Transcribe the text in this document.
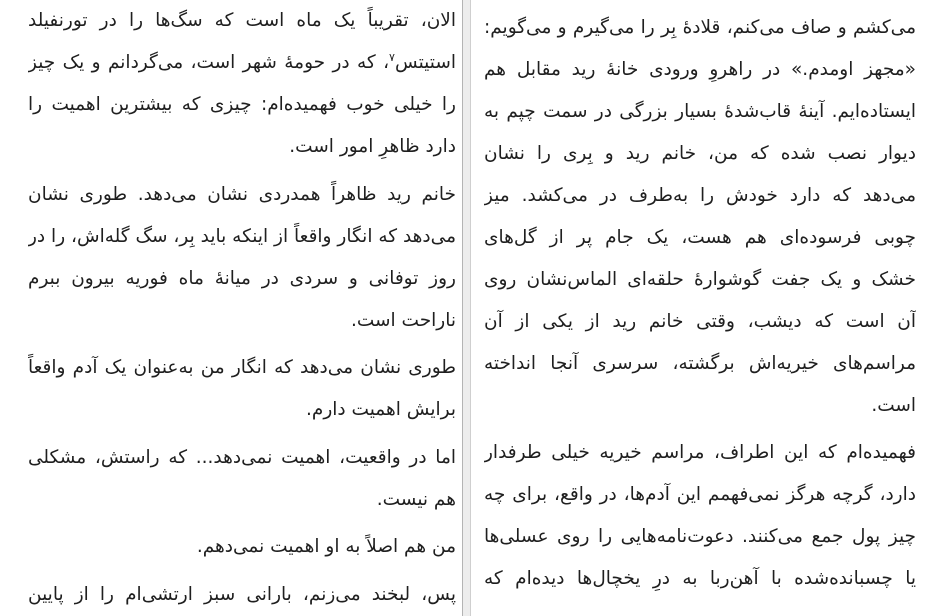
می‌کشم و صاف می‌کنم، قلادهٔ بِر را می‌گیرم و می‌گویم:
«مجهز اومدم.» در راهروِ ورودی خانهٔ رید مقابل هم
ایستاده‌ایم. آینهٔ قاب‌شدهٔ بسیار بزرگی در سمت چپم به
دیوار نصب شده که من، خانم رید و بِری را نشان
می‌دهد که دارد خودش را به‌طرف در می‌کشد. میز
چوبی فرسوده‌ای هم هست، یک جام پر از گل‌های
خشک و یک جفت گوشوارهٔ حلقه‌ای الماس‌نشان روی
آن است که دیشب، وقتی خانم رید از یکی از آن
مراسم‌های خیریه‌اش برگشته، سرسری آنجا انداخته
است.
فهمیده‌ام که این اطراف، مراسم خیریه خیلی طرفدار
دارد، گرچه هرگز نمی‌فهمم این آدم‌ها، در واقع، برای چه
چیز پول جمع می‌کنند. دعوت‌نامه‌هایی را روی عسلی‌ها
یا چسبانده‌شده با آهن‌ربا به درِ یخچال‌ها دیده‌ام که
الان، تقریباً یک ماه است که سگ‌ها را در تورنفیلد
استیتس$^۷$، که در حومهٔ شهر است، می‌گردانم و یک چیز
را خیلی خوب فهمیده‌ام: چیزی که بیشترین اهمیت را
دارد ظاهرِ امور است.
خانم رید ظاهراً همدردی نشان می‌دهد. طوری نشان
می‌دهد که انگار واقعاً از اینکه باید بِر، سگ گله‌اش، را در
روز توفانی و سردی در میانهٔ ماه فوریه بیرون ببرم
ناراحت است.
طوری نشان می‌دهد که انگار من به‌عنوان یک آدم واقعاً
برایش اهمیت دارم.
اما در واقعیت، اهمیت نمی‌دهد... که راستش، مشکلی
هم نیست.
من هم اصلاً به او اهمیت نمی‌دهم.
پس، لبخند می‌زنم، بارانی سبز ارتشی‌ام را از پایین
